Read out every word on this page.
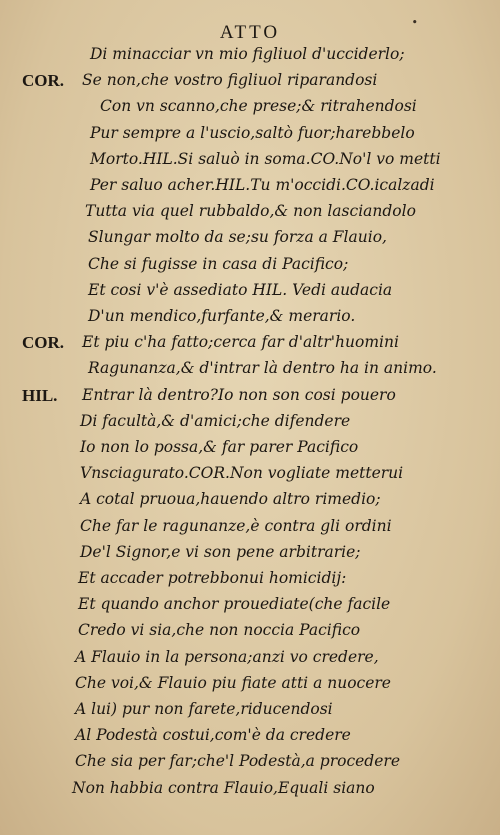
ATTO	•
Di minacciar vn mio figliuol d'ucciderlo;
COR. Se non,che vostro figliuol riparandosi
Con vn scanno,che prese;& ritrahendosi
Pur sempre a l'uscio,saltò fuor;harebbelo
Morto.HIL.Si saluò in soma.CO.No'l vo metti
Per saluo acher.HIL.Tu m'occidi.CO.icalzadi
Tutta via quel rubbaldo,& non lasciandolo
Slungar molto da se;su forza a Flauio,
Che si fugisse in casa di Pacifico;
Et cosi v'è assediato HIL. Vedi audacia
D'un mendico,furfante,& merario.
COR. Et piu c'ha fatto;cerca far d'altr'huomini
Ragunanza,& d'intrar là dentro ha in animo.
HIL. Entrar là dentro?Io non son cosi pouero
Di facultà,& d'amici;che difendere
Io non lo possa,& far parer Pacifico
Vnsciagurato.COR.Non vogliate metterui
A cotal pruoua,hauendo altro rimedio;
Che far le ragunanze,è contra gli ordini
De'l Signor,e vi son pene arbitrarie;
Et accader potrebbonui homicidij:
Et quando anchor prouediate(che facile
Credo vi sia,che non noccia Pacifico
A Flauio in la persona;anzi vo credere,
Che voi,& Flauio piu fiate atti a nuocere
A lui) pur non farete,riducendosi
Al Podestà costui,com'è da credere
Che sia per far;che'l Podestà,a procedere
Non habbia contra Flauio,Equali siano
